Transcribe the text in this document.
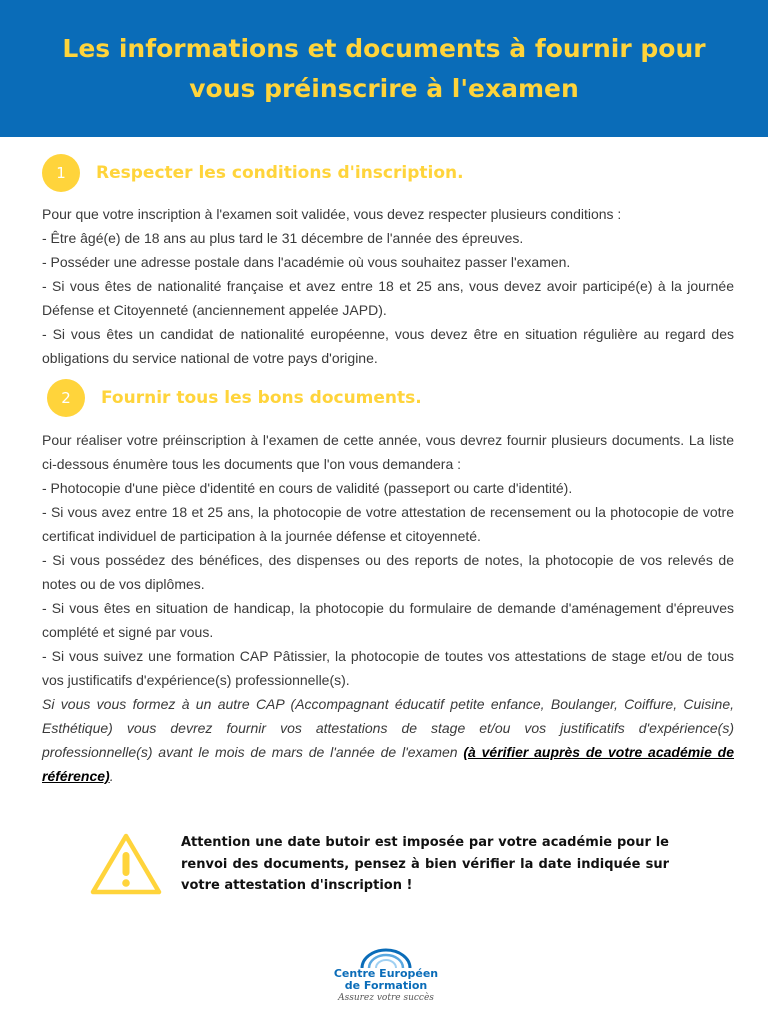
Les informations et documents à fournir pour
vous préinscrire à l'examen
1	Respecter les conditions d'inscription.

Pour que votre inscription à l'examen soit validée, vous devez respecter plusieurs conditions :

- Être âgé(e) de 18 ans au plus tard le 31 décembre de l'année des épreuves.

- Posséder une adresse postale dans l'académie où vous souhaitez passer l'examen.

- Si vous êtes de nationalité française et avez entre 18 et 25 ans, vous devez avoir participé(e) à la journée Défense et Citoyenneté (anciennement appelée JAPD).

- Si vous êtes un candidat de nationalité européenne, vous devez être en situation régulière au regard des obligations du service national de votre pays d'origine.

2	Fournir tous les bons documents.

Pour réaliser votre préinscription à l'examen de cette année, vous devrez fournir plusieurs documents. La liste ci-dessous énumère tous les documents que l'on vous demandera :

- Photocopie d'une pièce d'identité en cours de validité (passeport ou carte d'identité).

- Si vous avez entre 18 et 25 ans, la photocopie de votre attestation de recensement ou la photocopie de votre certificat individuel de participation à la journée défense et citoyenneté.

- Si vous possédez des bénéfices, des dispenses ou des reports de notes, la photocopie de vos relevés de notes ou de vos diplômes.

- Si vous êtes en situation de handicap, la photocopie du formulaire de demande d'aménagement d'épreuves complété et signé par vous.

- Si vous suivez une formation CAP Pâtissier, la photocopie de toutes vos attestations de stage et/ou de tous vos justificatifs d'expérience(s) professionnelle(s).

Si vous vous formez à un autre CAP (Accompagnant éducatif petite enfance, Boulanger, Coiffure, Cuisine, Esthétique) vous devrez fournir vos attestations de stage et/ou vos justificatifs d'expérience(s) professionnelle(s) avant le mois de mars de l'année de l'examen (à vérifier auprès de votre académie de référence).

Attention une date butoir est imposée par votre académie pour le renvoi des documents, pensez à bien vérifier la date indiquée sur votre attestation d'inscription !
Centre Européen
de Formation
Assurez votre succès
